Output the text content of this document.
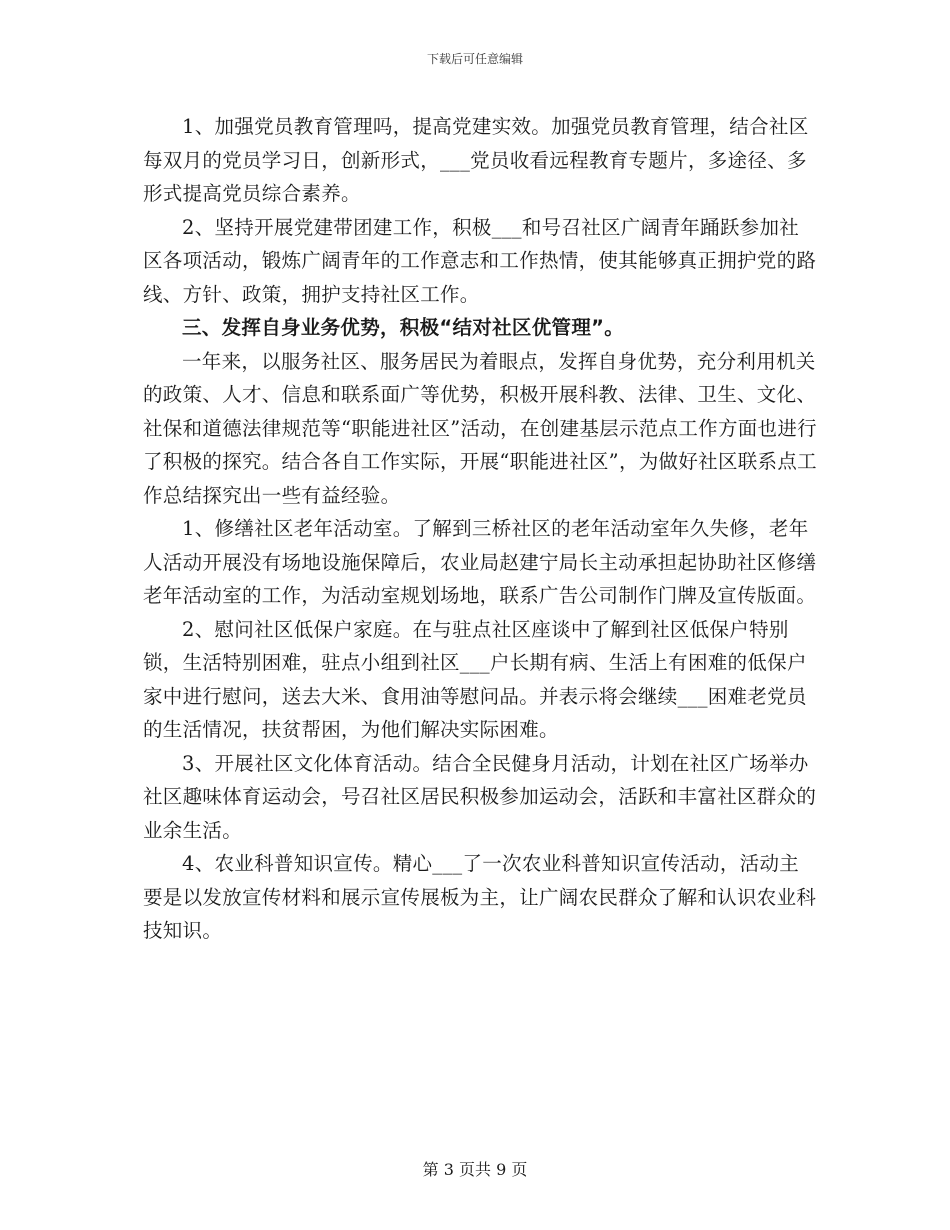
下载后可任意编辑

1、加强党员教育管理吗，提高党建实效。加强党员教育管理，结合社区每双月的党员学习日，创新形式，___党员收看远程教育专题片，多途径、多形式提高党员综合素养。

2、坚持开展党建带团建工作，积极___和号召社区广阔青年踊跃参加社区各项活动，锻炼广阔青年的工作意志和工作热情，使其能够真正拥护党的路线、方针、政策，拥护支持社区工作。

三、发挥自身业务优势，积极“结对社区优管理”。

一年来，以服务社区、服务居民为着眼点，发挥自身优势，充分利用机关的政策、人才、信息和联系面广等优势，积极开展科教、法律、卫生、文化、社保和道德法律规范等“职能进社区”活动，在创建基层示范点工作方面也进行了积极的探究。结合各自工作实际，开展“职能进社区”，为做好社区联系点工作总结探究出一些有益经验。

1、修缮社区老年活动室。了解到三桥社区的老年活动室年久失修，老年人活动开展没有场地设施保障后，农业局赵建宁局长主动承担起协助社区修缮老年活动室的工作，为活动室规划场地，联系广告公司制作门牌及宣传版面。

2、慰问社区低保户家庭。在与驻点社区座谈中了解到社区低保户特别锁，生活特别困难，驻点小组到社区___户长期有病、生活上有困难的低保户家中进行慰问，送去大米、食用油等慰问品。并表示将会继续___困难老党员的生活情况，扶贫帮困，为他们解决实际困难。

3、开展社区文化体育活动。结合全民健身月活动，计划在社区广场举办社区趣味体育运动会，号召社区居民积极参加运动会，活跃和丰富社区群众的业余生活。

4、农业科普知识宣传。精心___了一次农业科普知识宣传活动，活动主要是以发放宣传材料和展示宣传展板为主，让广阔农民群众了解和认识农业科技知识。

第 3 页共 9 页
